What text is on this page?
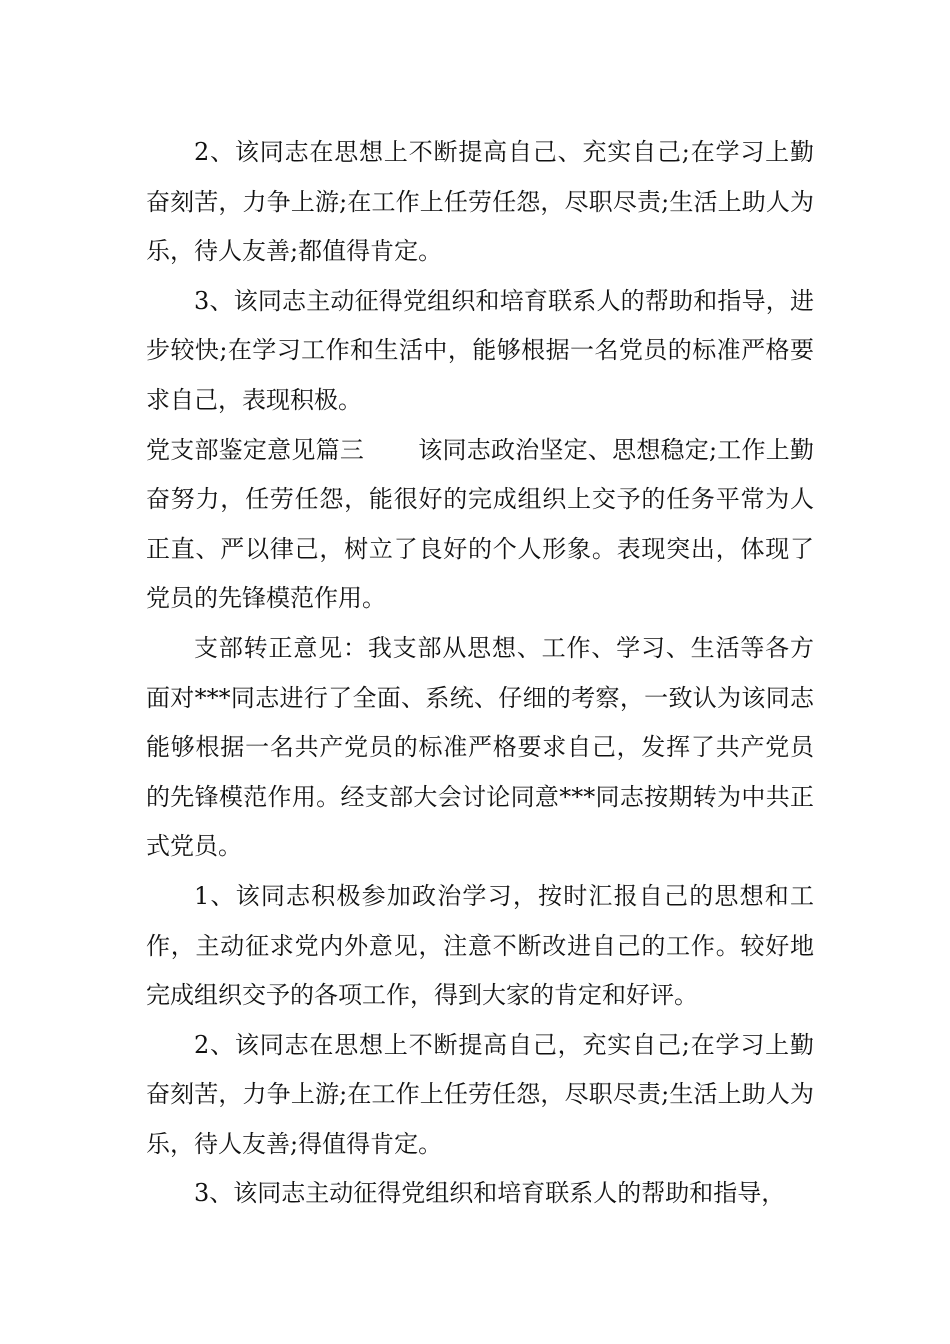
2、该同志在思想上不断提高自己、充实自己;在学习上勤奋刻苦，力争上游;在工作上任劳任怨，尽职尽责;生活上助人为乐，待人友善;都值得肯定。

3、该同志主动征得党组织和培育联系人的帮助和指导，进步较快;在学习工作和生活中，能够根据一名党员的标准严格要求自己，表现积极。

党支部鉴定意见篇三 该同志政治坚定、思想稳定;工作上勤奋努力，任劳任怨，能很好的完成组织上交予的任务平常为人正直、严以律己，树立了良好的个人形象。表现突出，体现了党员的先锋模范作用。

支部转正意见：我支部从思想、工作、学习、生活等各方面对***同志进行了全面、系统、仔细的考察，一致认为该同志能够根据一名共产党员的标准严格要求自己，发挥了共产党员的先锋模范作用。经支部大会讨论同意***同志按期转为中共正式党员。

1、该同志积极参加政治学习，按时汇报自己的思想和工作，主动征求党内外意见，注意不断改进自己的工作。较好地完成组织交予的各项工作，得到大家的肯定和好评。

2、该同志在思想上不断提高自己，充实自己;在学习上勤奋刻苦，力争上游;在工作上任劳任怨，尽职尽责;生活上助人为乐，待人友善;得值得肯定。

3、该同志主动征得党组织和培育联系人的帮助和指导，
